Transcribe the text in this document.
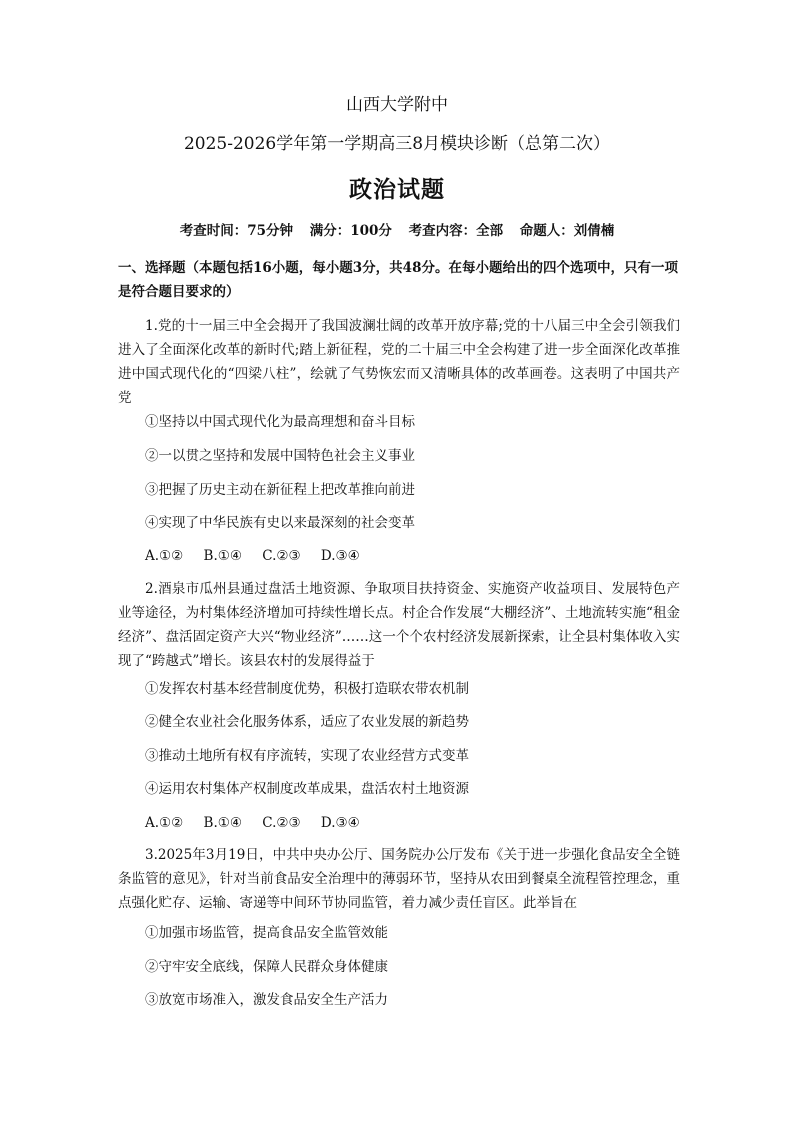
山西大学附中
2025-2026学年第一学期高三8月模块诊断（总第二次）
政治试题
考查时间：75分钟 满分：100分 考查内容：全部 命题人：刘倩楠
一、选择题（本题包括16小题，每小题3分，共48分。在每小题给出的四个选项中，只有一项是符合题目要求的）
1.党的十一届三中全会揭开了我国波澜壮阔的改革开放序幕;党的十八届三中全会引领我们进入了全面深化改革的新时代;踏上新征程，党的二十届三中全会构建了进一步全面深化改革推进中国式现代化的“四梁八柱”，绘就了气势恢宏而又清晰具体的改革画卷。这表明了中国共产党
①坚持以中国式现代化为最高理想和奋斗目标
②一以贯之坚持和发展中国特色社会主义事业
③把握了历史主动在新征程上把改革推向前进
④实现了中华民族有史以来最深刻的社会变革
A.①② B.①④ C.②③ D.③④
2.酒泉市瓜州县通过盘活土地资源、争取项目扶持资金、实施资产收益项目、发展特色产业等途径，为村集体经济增加可持续性增长点。村企合作发展“大棚经济”、土地流转实施“租金经济”、盘活固定资产大兴“物业经济”……这一个个农村经济发展新探索，让全县村集体收入实现了“跨越式”增长。该县农村的发展得益于
①发挥农村基本经营制度优势，积极打造联农带农机制
②健全农业社会化服务体系，适应了农业发展的新趋势
③推动土地所有权有序流转，实现了农业经营方式变革
④运用农村集体产权制度改革成果，盘活农村土地资源
A.①② B.①④ C.②③ D.③④
3.2025年3月19日，中共中央办公厅、国务院办公厅发布《关于进一步强化食品安全全链条监管的意见》，针对当前食品安全治理中的薄弱环节，坚持从农田到餐桌全流程管控理念，重点强化贮存、运输、寄递等中间环节协同监管，着力减少责任盲区。此举旨在
①加强市场监管，提高食品安全监管效能
②守牢安全底线，保障人民群众身体健康
③放宽市场准入，激发食品安全生产活力
